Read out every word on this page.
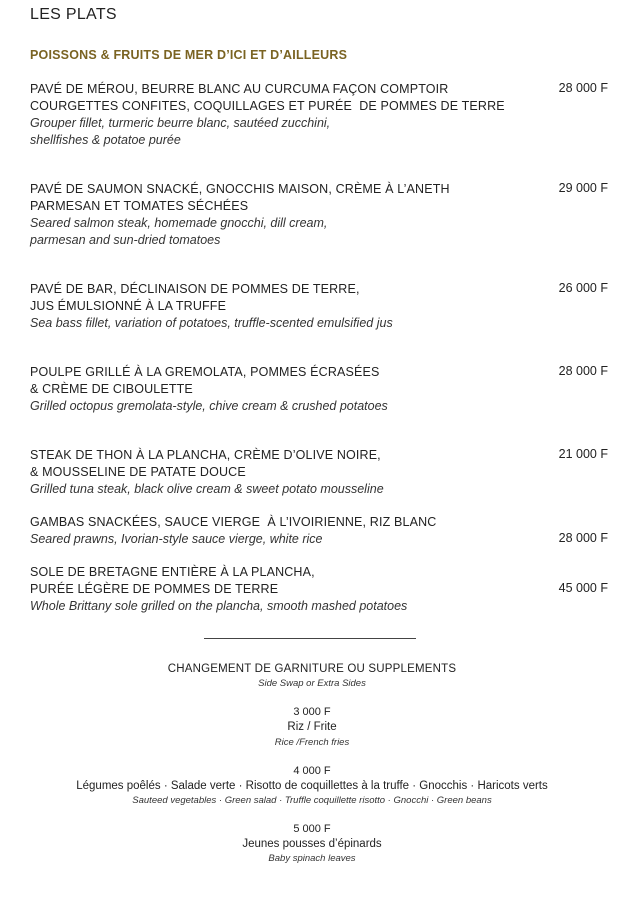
LES PLATS
POISSONS & FRUITS DE MER D’ICI ET D’AILLEURS
PAVÉ DE MÉROU, BEURRE BLANC AU CURCUMA FAÇON COMPTOIR
COURGETTES CONFITES, COQUILLAGES ET PURÉE  DE POMMES DE TERRE
Grouper fillet, turmeric beurre blanc, sautéed zucchini,
shellfishes & potatoe purée
28 000 F
PAVÉ DE SAUMON SNACKÉ, GNOCCHIS MAISON, CRÈME À L’ANETH
PARMESAN ET TOMATES SÉCHÉES
Seared salmon steak, homemade gnocchi, dill cream,
parmesan and sun-dried tomatoes
29 000 F
PAVÉ DE BAR, DÉCLINAISON DE POMMES DE TERRE,
JUS ÉMULSIONNÉ À LA TRUFFE
Sea bass fillet, variation of potatoes, truffle-scented emulsified jus
26 000 F
POULPE GRILLÉ À LA GREMOLATA, POMMES ÉCRASÉES
& CRÈME DE CIBOULETTE
Grilled octopus gremolata-style, chive cream & crushed potatoes
28 000 F
STEAK DE THON À LA PLANCHA, CRÈME D’OLIVE NOIRE,
& MOUSSELINE DE PATATE DOUCE
Grilled tuna steak, black olive cream & sweet potato mousseline
21 000 F
GAMBAS SNACKÉES, SAUCE VIERGE  À L’IVOIRIENNE, RIZ BLANC
Seared prawns, Ivorian-style sauce vierge, white rice	28 000 F
SOLE DE BRETAGNE ENTIÈRE À LA PLANCHA,
PURÉE LÉGÈRE DE POMMES DE TERRE
Whole Brittany sole grilled on the plancha, smooth mashed potatoes
45 000 F
CHANGEMENT DE GARNITURE OU SUPPLEMENTS
Side Swap or Extra Sides
3 000 F
Riz / Frite
Rice /French fries
4 000 F
Légumes poêlés · Salade verte · Risotto de coquillettes à la truffe · Gnocchis · Haricots verts
Sauteed vegetables · Green salad · Truffle coquillette risotto · Gnocchi · Green beans
5 000 F
Jeunes pousses d’épinards
Baby spinach leaves
